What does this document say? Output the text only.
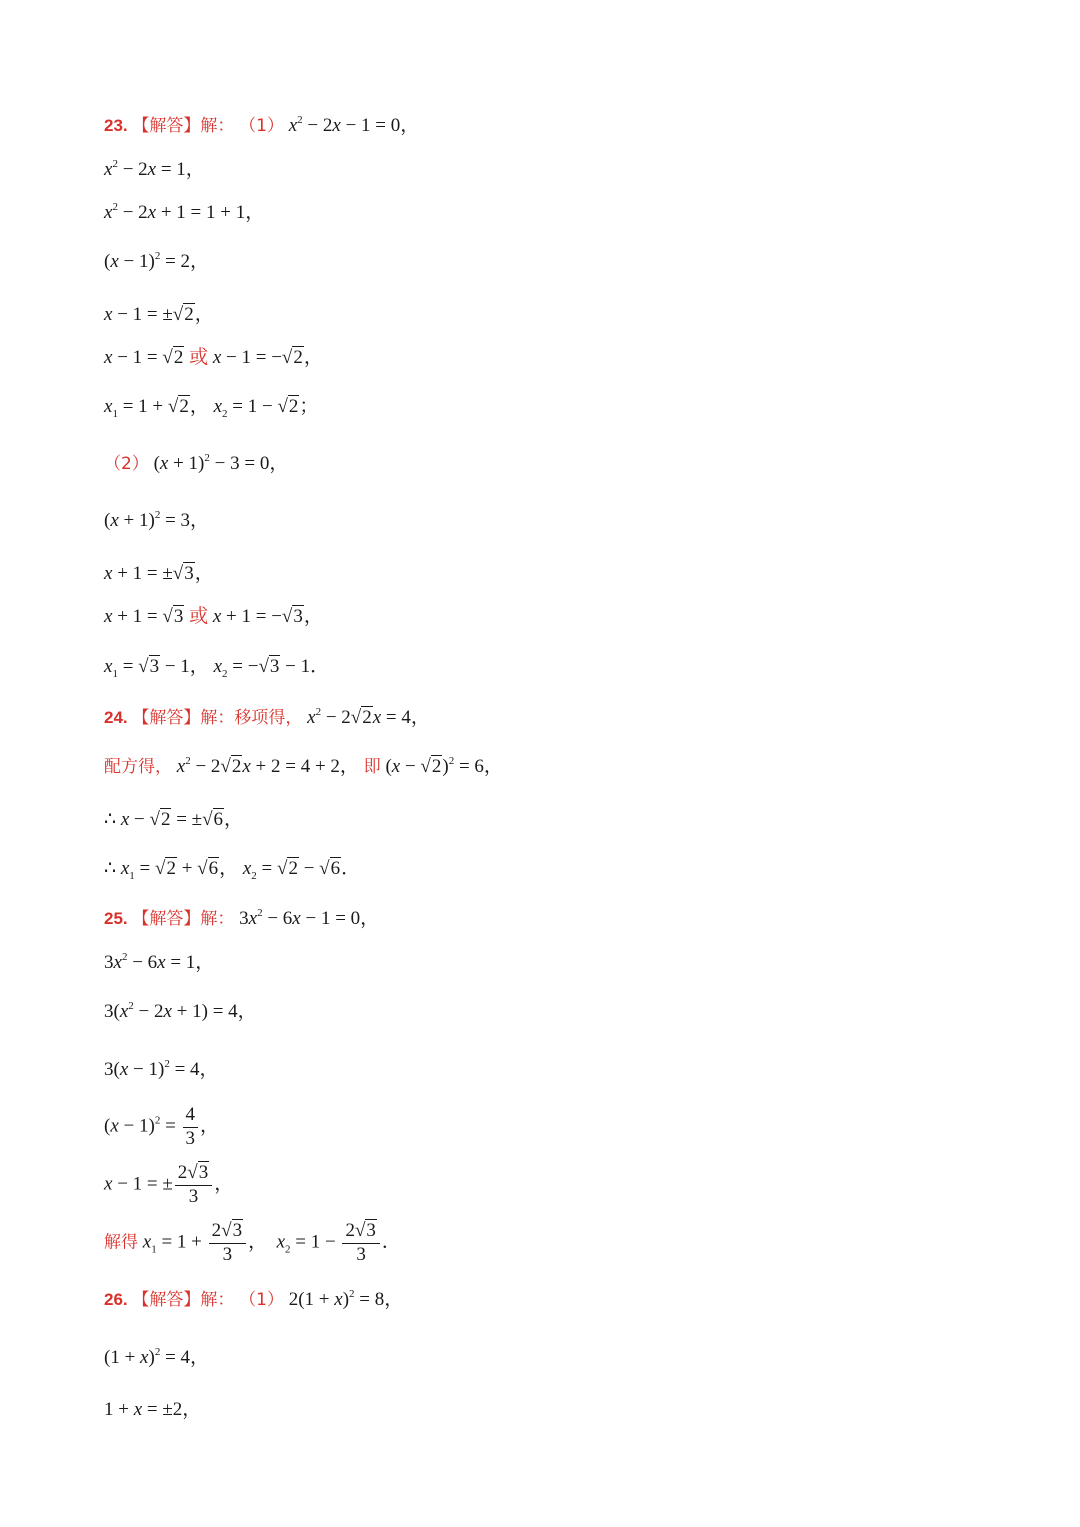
23. 【解答】解： （1） $x^2 - 2x - 1 = 0$，
$x^2 - 2x = 1$，
$x^2 - 2x + 1 = 1 + 1$，
$(x - 1)^2 = 2$，
x − 1 = ±√2，
x − 1 = √2 或 x − 1 = −√2，
$x_1 = 1 + √2$， $x_2 = 1 - √2$；
（2） $(x + 1)^2 - 3 = 0$，
$(x + 1)^2 = 3$，
x + 1 = ±√3，
x + 1 = √3 或 x + 1 = −√3，
$x_1 = √3 - 1$， $x_2 = -√3 - 1$．
24. 【解答】解：移项得， $x^2 - 2√2x = 4$，
配方得， $x^2 - 2√2x + 2 = 4 + 2$， 即 $(x - √2)^2 = 6$，
∴ x − √2 = ±√6，
∴ $x_1 = √2 + √6$， $x_2 = √2 - √6$．
25. 【解答】解： $3x^2 - 6x - 1 = 0$，
$3x^2 - 6x = 1$，
$3(x^2 - 2x + 1) = 4$，
$3(x - 1)^2 = 4$，
$(x - 1)^2 = \frac{4}{3}$ ，
x − 1 = ± $\frac{2√3}{3}$ ，
解得 $x_1 = 1 + \frac{2√3}{3}$ ，  $x_2 = 1 - \frac{2√3}{3}$ ．
26. 【解答】解： （1） $2(1 + x)^2 = 8$，
$(1 + x)^2 = 4$，
1 + x = ±2，
